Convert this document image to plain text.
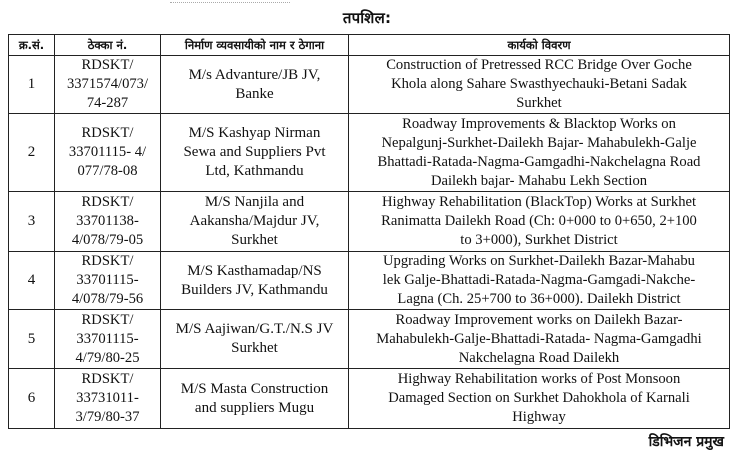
तपशिल:
क्र.सं.	ठेक्का नं.	निर्माण व्यवसायीको नाम र ठेगाना	कार्यको विवरण
1	RDSKT/
3371574/073/
74-287	M/s Advanture/JB JV,
Banke	Construction of Pretressed RCC Bridge Over Goche
Khola along Sahare Swasthyechauki-Betani Sadak
Surkhet
2	RDSKT/
33701115- 4/
077/78-08	M/S Kashyap Nirman
Sewa and Suppliers Pvt
Ltd, Kathmandu	Roadway Improvements & Blacktop Works on
Nepalgunj-Surkhet-Dailekh Bajar- Mahabulekh-Galje
Bhattadi-Ratada-Nagma-Gamgadhi-Nakchelagna Road
Dailekh bajar- Mahabu Lekh Section
3	RDSKT/
33701138-
4/078/79-05	M/S Nanjila and
Aakansha/Majdur JV,
Surkhet	Highway Rehabilitation (BlackTop) Works at Surkhet
Ranimatta Dailekh Road (Ch: 0+000 to 0+650, 2+100
to 3+000), Surkhet District
4	RDSKT/
33701115-
4/078/79-56	M/S Kasthamadap/NS
Builders JV, Kathmandu	Upgrading Works on Surkhet-Dailekh Bazar-Mahabu
lek Galje-Bhattadi-Ratada-Nagma-Gamgadi-Nakche-
Lagna (Ch. 25+700 to 36+000). Dailekh District
5	RDSKT/
33701115-
4/79/80-25	M/S Aajiwan/G.T./N.S JV
Surkhet	Roadway Improvement works on Dailekh Bazar-
Mahabulekh-Galje-Bhattadi-Ratada- Nagma-Gamgadhi
Nakchelagna Road Dailekh
6	RDSKT/
33731011-
3/79/80-37	M/S Masta Construction
and suppliers Mugu	Highway Rehabilitation works of Post Monsoon
Damaged Section on Surkhet Dahokhola of Karnali
Highway
डिभिजन प्रमुख
